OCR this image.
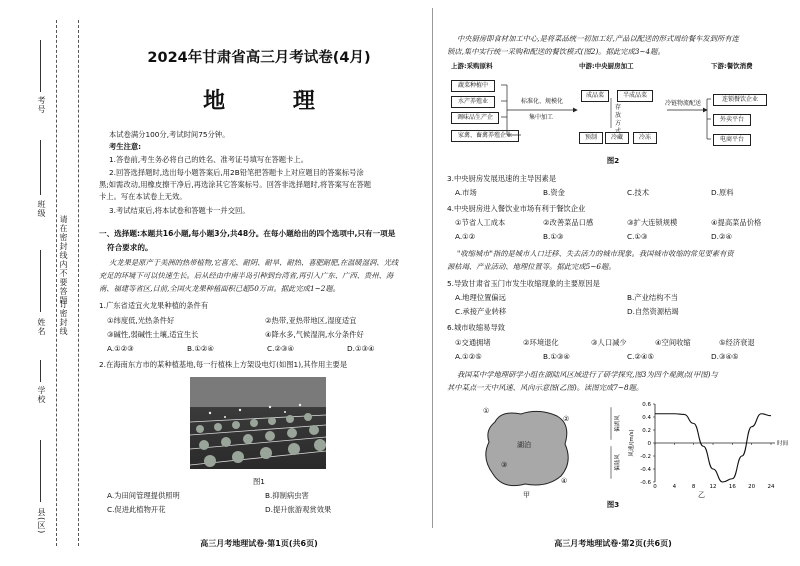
考号
班级
请在密封线内不要答题
姓名 订密封线
学校
县(区)
2024年甘肃省高三月考试卷(4月)
地 理
本试卷满分100分,考试时间75分钟。
考生注意:
1.答卷前,考生务必将自己的姓名、准考证号填写在答题卡上。
2.回答选择题时,选出每小题答案后,用2B铅笔把答题卡上对应题目的答案标号涂
黑;如需改动,用橡皮擦干净后,再选涂其它答案标号。回答非选择题时,将答案写在答题
卡上。写在本试卷上无效。
3.考试结束后,将本试卷和答题卡一并交回。
一、选择题:本题共16小题,每小题3分,共48分。在每小题给出的四个选项中,只有一项是
符合要求的。
火龙果是原产于美洲的热带植物,它喜光、耐阴、耐旱、耐热、喜肥耐肥,在温暖湿润、光线
充足的环境下可以快速生长。后从经由中南半岛引种到台湾省,再引入广东、广西、贵州、海
南、福建等省区,目前,全国火龙果种植面积已超50万亩。据此完成1~2题。
1.广东省适宜火龙果种植的条件有
①纬度低,光热条件好	②热带,亚热带地区,湿度适宜
③碱性,弱碱性土壤,适宜生长	④降水多,气候湿润,水分条件好
A.①②③	B.①②④	C.②③④	D.①③④
2.在海南东方市的某种植基地,每一行植株上方架设电灯(如图1),其作用主要是
图1
A.为田间管理提供照明	B.抑制病虫害
C.促进此植物开花	D.提升旅游观赏效果
高三月考地理试卷·第1页(共6页)
中央厨房即食材加工中心,是将菜品统一初加工好,产品以配送的形式周给餐车发到所有连
锁店,集中实行统一采购和配送的餐饮模式(图2)。据此完成3~4题。
上游:采购原料	中游:中央厨房加工	下游:餐饮消费
蔬菜种植中
水产养殖业
调味品生产企
家禽、畜禽养殖企业
标准化、规模化
集中加工
成品菜	半成品菜
存放方
预制	冷藏	冷冻
冷链物流配送
连锁餐饮企业
外卖平台
电商平台
图2
3.中央厨房发展迅速的主导因素是
A.市场	B.资金	C.技术	D.原料
4.中央厨房进入餐饮业市场有利于餐饮企业
①节省人工成本	②改善菜品口感	③扩大连锁规模	④提高菜品价格
A.①②	B.①③	C.①③	D.②④
"收缩城市"指的是城市人口迁移、失去活力的城市现象。我国城市收缩的常见要素有资
源枯竭、产业活动、地理位置等。据此完成5~6题。
5.导致甘肃省玉门市发生收缩现象的主要原因是
A.地理位置偏远	B.产业结构不当
C.承接产业转移	D.自然资源枯竭
6.城市收缩易导致
①交通拥堵	②环境退化	③人口减少	④空间收缩	⑤经济衰退
A.①②⑤	B.①③④	C.②④⑤	D.③④⑤
我国某中学地理研学小组在湖陆风区域进行了研学探究,图3为四个观测点(甲图)与
其中某点一天中风速、风向示意图(乙图)。读图完成7~8题。
湖泊
①
②
③
④
甲
0.6
0.4
0.2
0
-0.2
-0.4
-0.6
0	4	8	12 16 20 24
风速/(m/s)
偏湖风
偏陆风
时间
乙
图3
高三月考地理试卷·第2页(共6页)
